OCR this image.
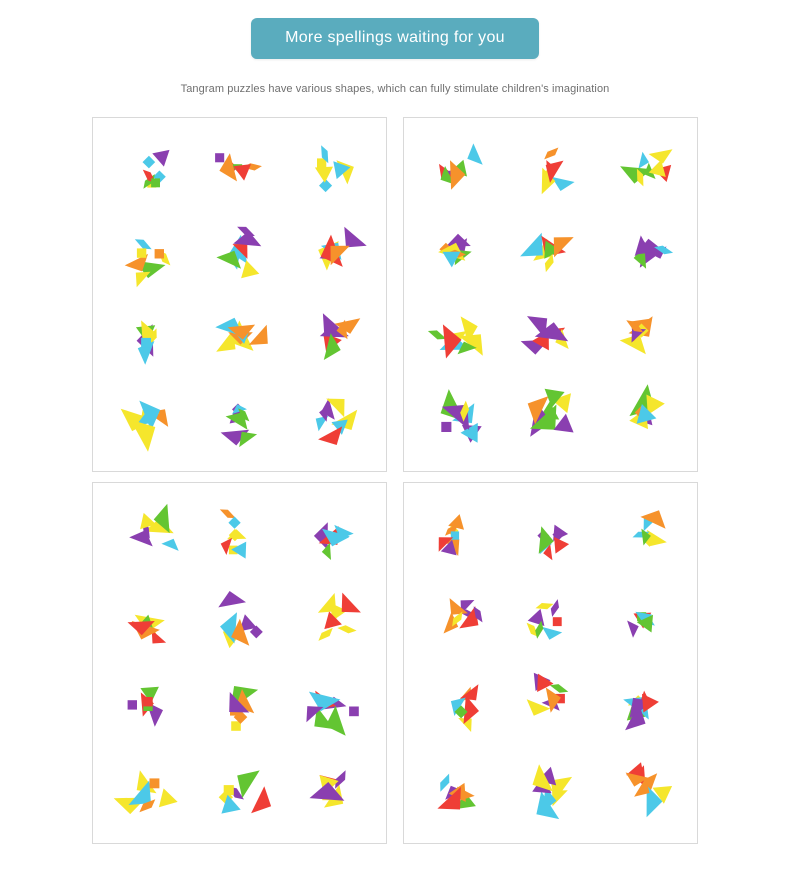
More spellings waiting for you
Tangram puzzles have various shapes, which can fully stimulate children's imagination
